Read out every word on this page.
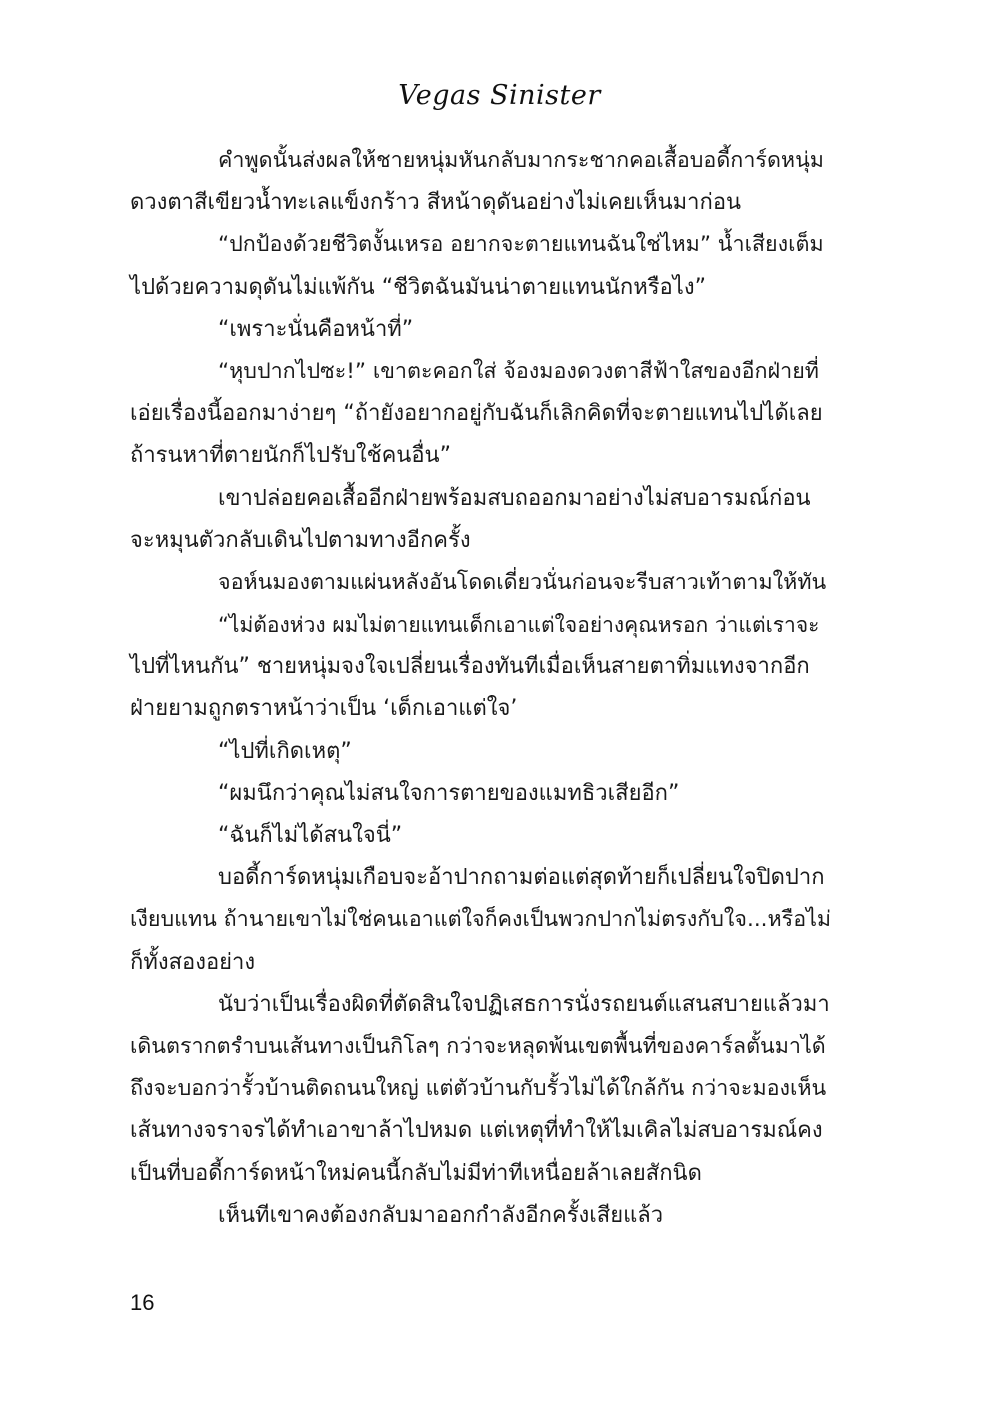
Vegas Sinister
คำพูดนั้นส่งผลให้ชายหนุ่มหันกลับมากระชากคอเสื้อบอดี้การ์ดหนุ่ม
ดวงตาสีเขียวน้ำทะเลแข็งกร้าว สีหน้าดุดันอย่างไม่เคยเห็นมาก่อน
“ปกป้องด้วยชีวิตงั้นเหรอ อยากจะตายแทนฉันใช่ไหม” น้ำเสียงเต็ม
ไปด้วยความดุดันไม่แพ้กัน “ชีวิตฉันมันน่าตายแทนนักหรือไง”
“เพราะนั่นคือหน้าที่”
“หุบปากไปซะ!” เขาตะคอกใส่ จ้องมองดวงตาสีฟ้าใสของอีกฝ่ายที่
เอ่ยเรื่องนี้ออกมาง่ายๆ “ถ้ายังอยากอยู่กับฉันก็เลิกคิดที่จะตายแทนไปได้เลย
ถ้ารนหาที่ตายนักก็ไปรับใช้คนอื่น”
เขาปล่อยคอเสื้ออีกฝ่ายพร้อมสบถออกมาอย่างไม่สบอารมณ์ก่อน
จะหมุนตัวกลับเดินไปตามทางอีกครั้ง
จอห์นมองตามแผ่นหลังอันโดดเดี่ยวนั่นก่อนจะรีบสาวเท้าตามให้ทัน
“ไม่ต้องห่วง ผมไม่ตายแทนเด็กเอาแต่ใจอย่างคุณหรอก ว่าแต่เราจะ
ไปที่ไหนกัน” ชายหนุ่มจงใจเปลี่ยนเรื่องทันทีเมื่อเห็นสายตาทิ่มแทงจากอีก
ฝ่ายยามถูกตราหน้าว่าเป็น ‘เด็กเอาแต่ใจ’
“ไปที่เกิดเหตุ”
“ผมนึกว่าคุณไม่สนใจการตายของแมทธิวเสียอีก”
“ฉันก็ไม่ได้สนใจนี่”
บอดี้การ์ดหนุ่มเกือบจะอ้าปากถามต่อแต่สุดท้ายก็เปลี่ยนใจปิดปาก
เงียบแทน ถ้านายเขาไม่ใช่คนเอาแต่ใจก็คงเป็นพวกปากไม่ตรงกับใจ...หรือไม่
ก็ทั้งสองอย่าง
นับว่าเป็นเรื่องผิดที่ตัดสินใจปฏิเสธการนั่งรถยนต์แสนสบายแล้วมา
เดินตรากตรำบนเส้นทางเป็นกิโลๆ กว่าจะหลุดพ้นเขตพื้นที่ของคาร์ลตั้นมาได้
ถึงจะบอกว่ารั้วบ้านติดถนนใหญ่ แต่ตัวบ้านกับรั้วไม่ได้ใกล้กัน กว่าจะมองเห็น
เส้นทางจราจรได้ทำเอาขาล้าไปหมด แต่เหตุที่ทำให้ไมเคิลไม่สบอารมณ์คง
เป็นที่บอดี้การ์ดหน้าใหม่คนนี้กลับไม่มีท่าทีเหนื่อยล้าเลยสักนิด
เห็นทีเขาคงต้องกลับมาออกกำลังอีกครั้งเสียแล้ว
16
